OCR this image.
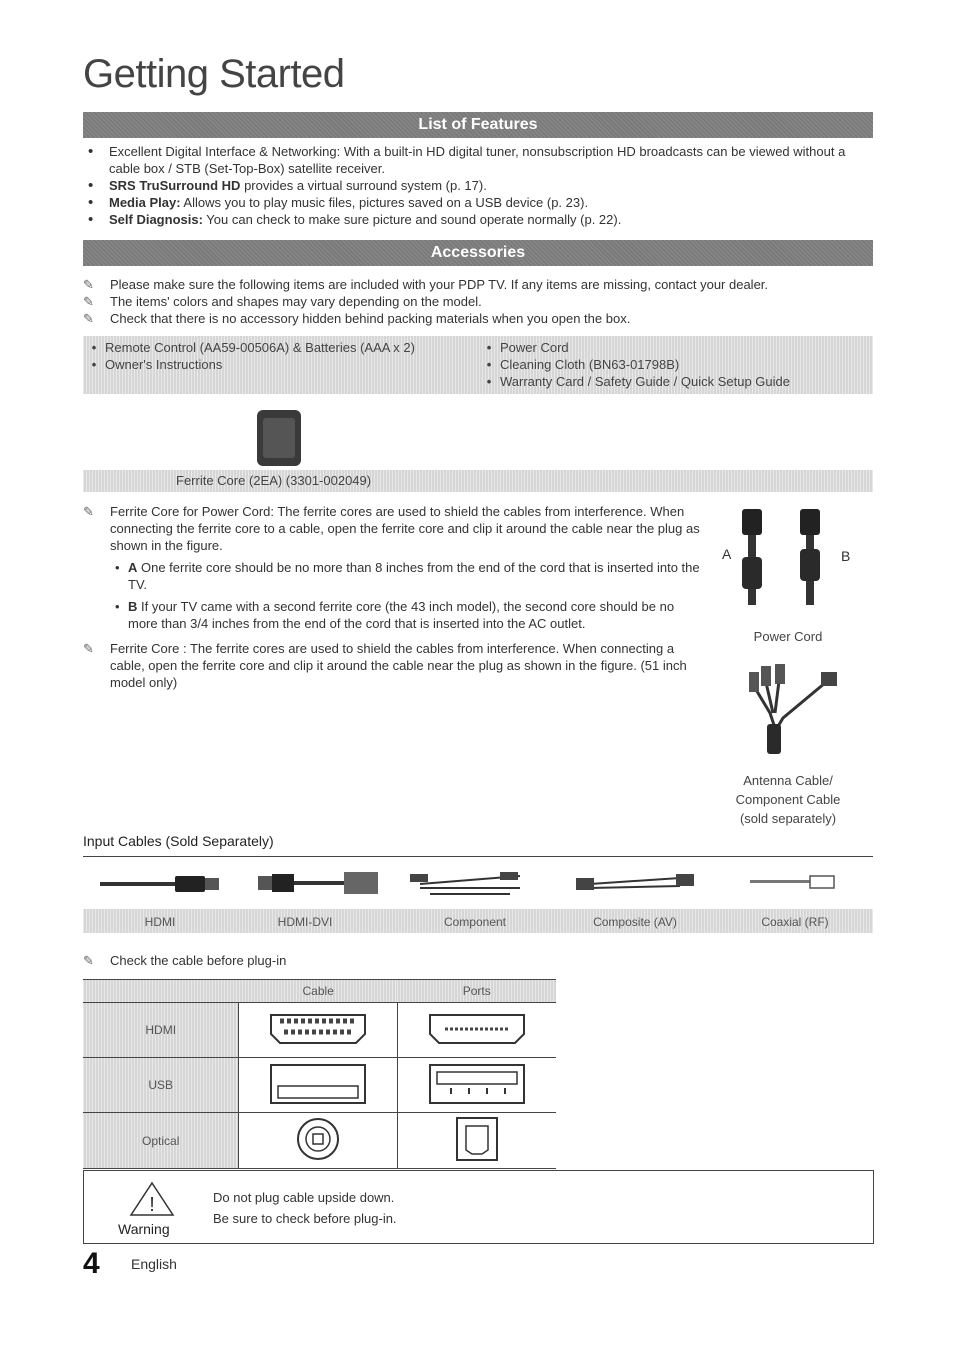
Getting Started
List of Features
• Excellent Digital Interface & Networking: With a built-in HD digital tuner, nonsubscription HD broadcasts can be viewed without a cable box / STB (Set-Top-Box) satellite receiver.
• SRS TruSurround HD provides a virtual surround system (p. 17).
• Media Play: Allows you to play music files, pictures saved on a USB device (p. 23).
• Self Diagnosis: You can check to make sure picture and sound operate normally (p. 22).
Accessories
✎ Please make sure the following items are included with your PDP TV. If any items are missing, contact your dealer.
✎ The items' colors and shapes may vary depending on the model.
✎ Check that there is no accessory hidden behind packing materials when you open the box.
• Remote Control (AA59-00506A) & Batteries (AAA x 2)
• Owner's Instructions
• Power Cord
• Cleaning Cloth (BN63-01798B)
• Warranty Card / Safety Guide / Quick Setup Guide
Ferrite Core (2EA) (3301-002049)
✎ Ferrite Core for Power Cord: The ferrite cores are used to shield the cables from interference. When connecting the ferrite core to a cable, open the ferrite core and clip it around the cable near the plug as shown in the figure.
• A One ferrite core should be no more than 8 inches from the end of the cord that is inserted into the TV.
• B If your TV came with a second ferrite core (the 43 inch model), the second core should be no more than 3/4 inches from the end of the cord that is inserted into the AC outlet.
✎ Ferrite Core : The ferrite cores are used to shield the cables from interference. When connecting a cable, open the ferrite core and clip it around the cable near the plug as shown in the figure. (51 inch model only)
A	B
Power Cord
Antenna Cable/
Component Cable
(sold separately)
Input Cables (Sold Separately)
HDMI	HDMI-DVI	Component	Composite (AV)	Coaxial (RF)
✎ Check the cable before plug-in
	Cable	Ports
HDMI		
USB		
Optical		
!
Warning
Do not plug cable upside down.
Be sure to check before plug-in.
4 English
